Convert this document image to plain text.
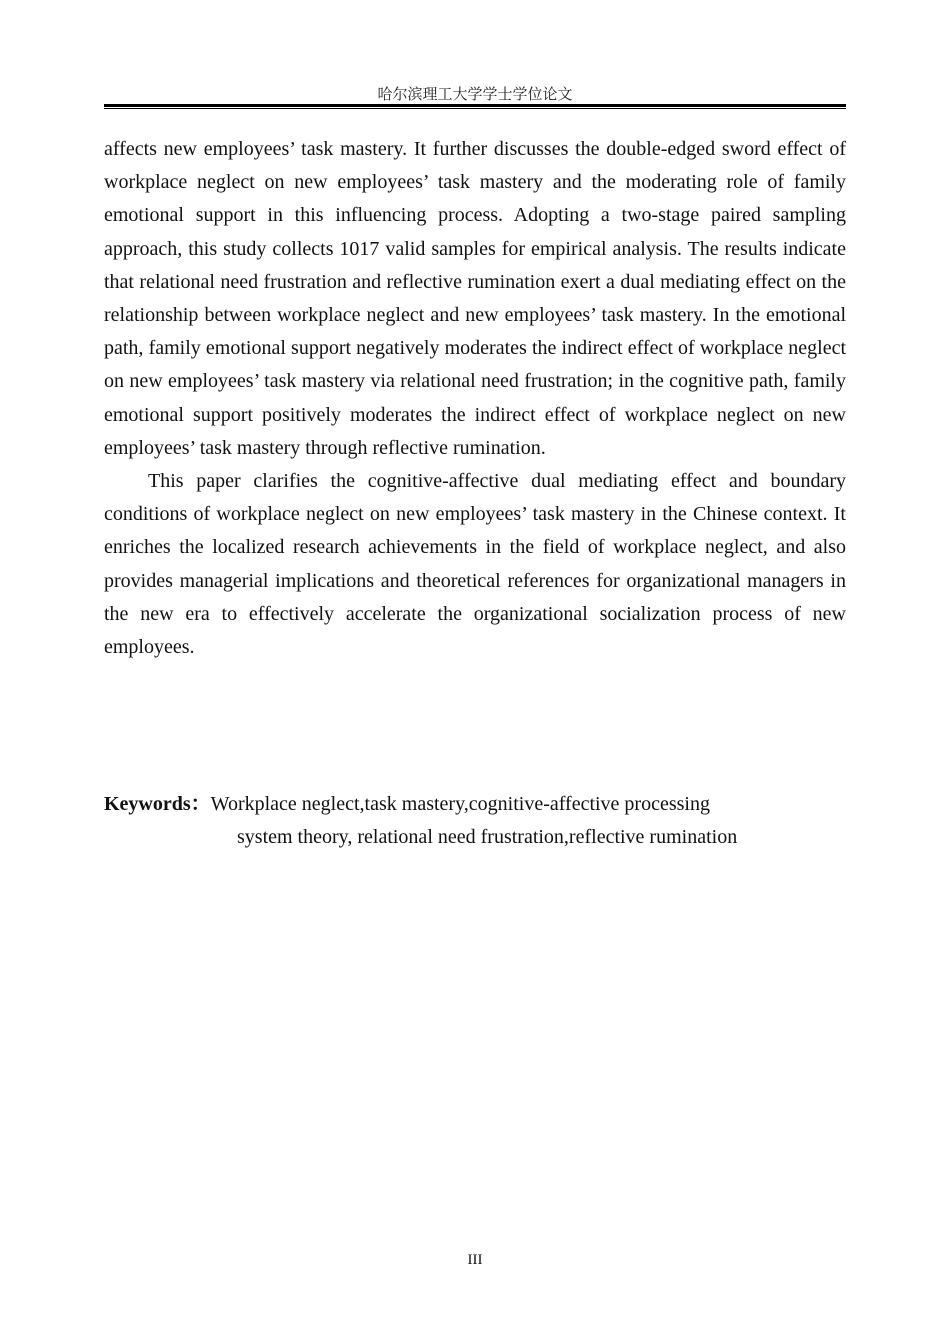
哈尔滨理工大学学士学位论文

affects new employees’ task mastery. It further discusses the double-edged sword effect of workplace neglect on new employees’ task mastery and the moderating role of family emotional support in this influencing process. Adopting a two-stage paired sampling approach, this study collects 1017 valid samples for empirical analysis. The results indicate that relational need frustration and reflective rumination exert a dual mediating effect on the relationship between workplace neglect and new employees’ task mastery. In the emotional path, family emotional support negatively moderates the indirect effect of workplace neglect on new employees’ task mastery via relational need frustration; in the cognitive path, family emotional support positively moderates the indirect effect of workplace neglect on new employees’ task mastery through reflective rumination.

This paper clarifies the cognitive-affective dual mediating effect and boundary conditions of workplace neglect on new employees’ task mastery in the Chinese context. It enriches the localized research achievements in the field of workplace neglect, and also provides managerial implications and theoretical references for organizational managers in the new era to effectively accelerate the organizational socialization process of new employees.

Keywords：Workplace neglect,task mastery,cognitive-affective processing
system theory, relational need frustration,reflective rumination
III
